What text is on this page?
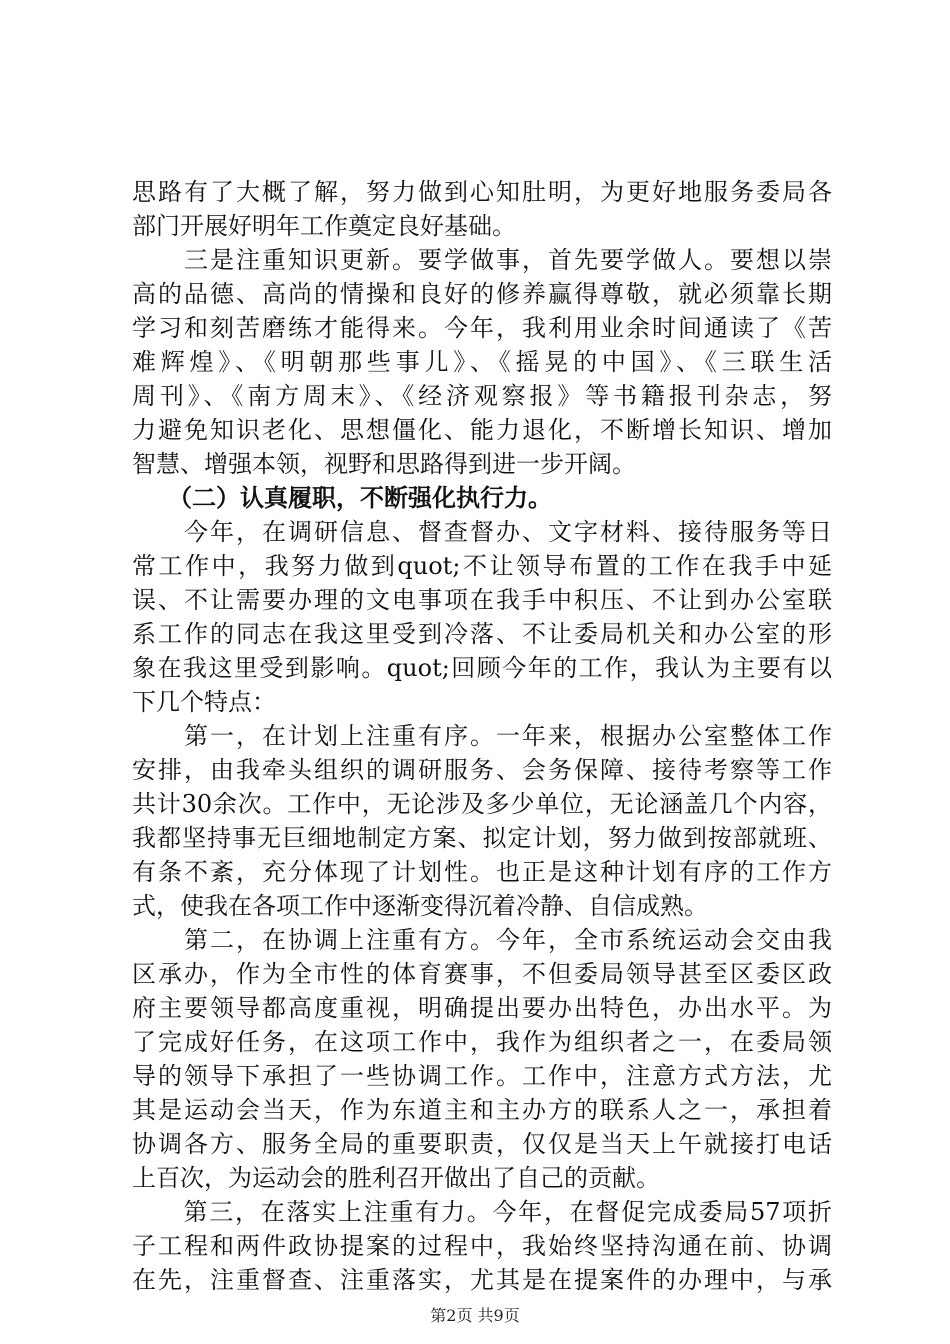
思路有了大概了解，努力做到心知肚明，为更好地服务委局各
部门开展好明年工作奠定良好基础。
　　三是注重知识更新。要学做事，首先要学做人。要想以崇
高的品德、高尚的情操和良好的修养赢得尊敬，就必须靠长期
学习和刻苦磨练才能得来。今年，我利用业余时间通读了《苦
难辉煌》、《明朝那些事儿》、《摇晃的中国》、《三联生活
周刊》、《南方周末》、《经济观察报》等书籍报刊杂志，努
力避免知识老化、思想僵化、能力退化，不断增长知识、增加
智慧、增强本领，视野和思路得到进一步开阔。
　　（二）认真履职，不断强化执行力。
　　今年，在调研信息、督查督办、文字材料、接待服务等日
常工作中，我努力做到quot;不让领导布置的工作在我手中延
误、不让需要办理的文电事项在我手中积压、不让到办公室联
系工作的同志在我这里受到冷落、不让委局机关和办公室的形
象在我这里受到影响。quot;回顾今年的工作，我认为主要有以
下几个特点：
　　第一，在计划上注重有序。一年来，根据办公室整体工作
安排，由我牵头组织的调研服务、会务保障、接待考察等工作
共计30余次。工作中，无论涉及多少单位，无论涵盖几个内容，
我都坚持事无巨细地制定方案、拟定计划，努力做到按部就班、
有条不紊，充分体现了计划性。也正是这种计划有序的工作方
式，使我在各项工作中逐渐变得沉着冷静、自信成熟。
　　第二，在协调上注重有方。今年，全市系统运动会交由我
区承办，作为全市性的体育赛事，不但委局领导甚至区委区政
府主要领导都高度重视，明确提出要办出特色，办出水平。为
了完成好任务，在这项工作中，我作为组织者之一，在委局领
导的领导下承担了一些协调工作。工作中，注意方式方法，尤
其是运动会当天，作为东道主和主办方的联系人之一，承担着
协调各方、服务全局的重要职责，仅仅是当天上午就接打电话
上百次，为运动会的胜利召开做出了自己的贡献。
　　第三，在落实上注重有力。今年，在督促完成委局57项折
子工程和两件政协提案的过程中，我始终坚持沟通在前、协调
在先，注重督查、注重落实，尤其是在提案件的办理中，与承
第2页 共9页
